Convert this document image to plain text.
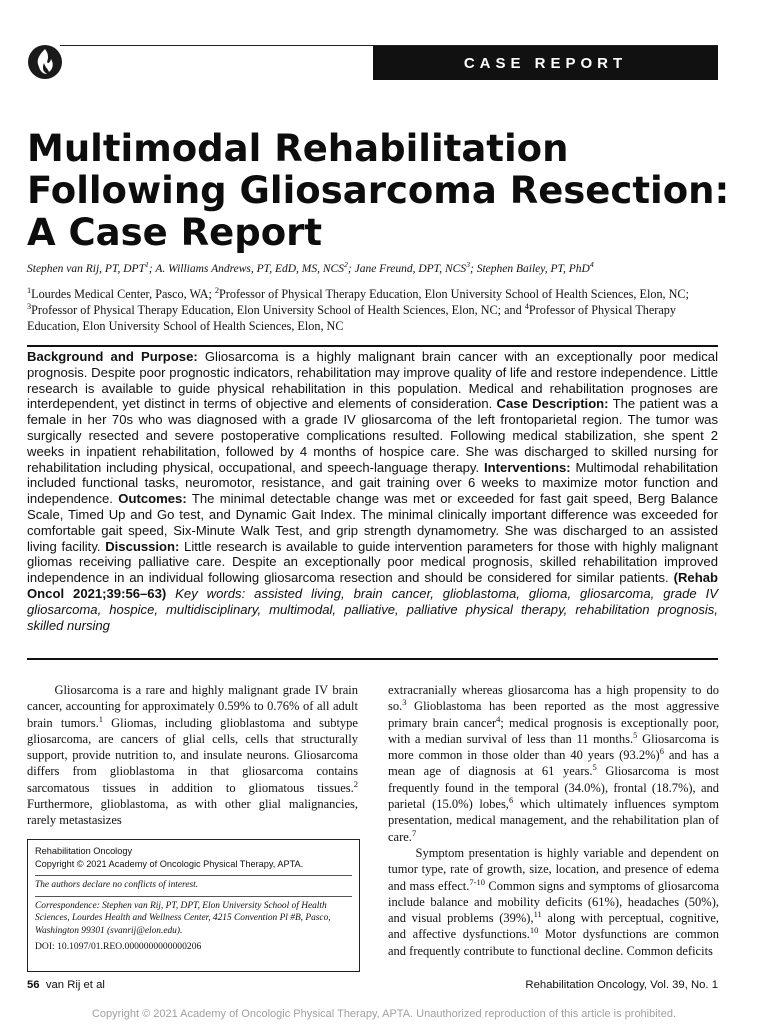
CASE REPORT
Multimodal Rehabilitation Following Gliosarcoma Resection: A Case Report
Stephen van Rij, PT, DPT$^1$; A. Williams Andrews, PT, EdD, MS, NCS$^2$; Jane Freund, DPT, NCS$^3$; Stephen Bailey, PT, PhD$^4$
$^1$Lourdes Medical Center, Pasco, WA; $^2$Professor of Physical Therapy Education, Elon University School of Health Sciences, Elon, NC; $^3$Professor of Physical Therapy Education, Elon University School of Health Sciences, Elon, NC; and $^4$Professor of Physical Therapy Education, Elon University School of Health Sciences, Elon, NC

Background and Purpose: Gliosarcoma is a highly malignant brain cancer with an exceptionally poor medical prognosis. Despite poor prognostic indicators, rehabilitation may improve quality of life and restore independence. Little research is available to guide physical rehabilitation in this population. Medical and rehabilitation prognoses are interdependent, yet distinct in terms of objective and elements of consideration. Case Description: The patient was a female in her 70s who was diagnosed with a grade IV gliosarcoma of the left frontoparietal region. The tumor was surgically resected and severe postoperative complications resulted. Following medical stabilization, she spent 2 weeks in inpatient rehabilitation, followed by 4 months of hospice care. She was discharged to skilled nursing for rehabilitation including physical, occupational, and speech-language therapy. Interventions: Multimodal rehabilitation included functional tasks, neuromotor, resistance, and gait training over 6 weeks to maximize motor function and independence. Outcomes: The minimal detectable change was met or exceeded for fast gait speed, Berg Balance Scale, Timed Up and Go test, and Dynamic Gait Index. The minimal clinically important difference was exceeded for comfortable gait speed, Six-Minute Walk Test, and grip strength dynamometry. She was discharged to an assisted living facility. Discussion: Little research is available to guide intervention parameters for those with highly malignant gliomas receiving palliative care. Despite an exceptionally poor medical prognosis, skilled rehabilitation improved independence in an individual following gliosarcoma resection and should be considered for similar patients. (Rehab Oncol 2021;39:56–63) Key words: assisted living, brain cancer, glioblastoma, glioma, gliosarcoma, grade IV gliosarcoma, hospice, multidisciplinary, multimodal, palliative, palliative physical therapy, rehabilitation prognosis, skilled nursing

Gliosarcoma is a rare and highly malignant grade IV brain cancer, accounting for approximately 0.59% to 0.76% of all adult brain tumors.$^1$ Gliomas, including glioblastoma and subtype gliosarcoma, are cancers of glial cells, cells that structurally support, provide nutrition to, and insulate neurons. Gliosarcoma differs from glioblastoma in that gliosarcoma contains sarcomatous tissues in addition to gliomatous tissues.$^2$ Furthermore, glioblastoma, as with other glial malignancies, rarely metastasizes

Rehabilitation Oncology
Copyright © 2021 Academy of Oncologic Physical Therapy, APTA.
The authors declare no conflicts of interest.
Correspondence: Stephen van Rij, PT, DPT, Elon University School of Health Sciences, Lourdes Health and Wellness Center, 4215 Convention Pl #B, Pasco, Washington 99301 (svanrij@elon.edu).
DOI: 10.1097/01.REO.0000000000000206

extracranially whereas gliosarcoma has a high propensity to do so.$^3$ Glioblastoma has been reported as the most aggressive primary brain cancer$^4$; medical prognosis is exceptionally poor, with a median survival of less than 11 months.$^5$ Gliosarcoma is more common in those older than 40 years $(93.2\%)^6$ and has a mean age of diagnosis at 61 years.$^5$ Gliosarcoma is most frequently found in the temporal (34.0%), frontal (18.7%), and parietal (15.0%) lobes,$^6$ which ultimately influences symptom presentation, medical management, and the rehabilitation plan of care.$^7$

Symptom presentation is highly variable and dependent on tumor type, rate of growth, size, location, and presence of edema and mass effect.$^{7-10}$ Common signs and symptoms of gliosarcoma include balance and mobility deficits (61%), headaches (50%), and visual problems (39%),$^{11}$ along with perceptual, cognitive, and affective dysfunctions.$^{10}$ Motor dysfunctions are common and frequently contribute to functional decline. Common deficits

56 van Rij et al	Rehabilitation Oncology, Vol. 39, No. 1
Copyright © 2021 Academy of Oncologic Physical Therapy, APTA. Unauthorized reproduction of this article is prohibited.
